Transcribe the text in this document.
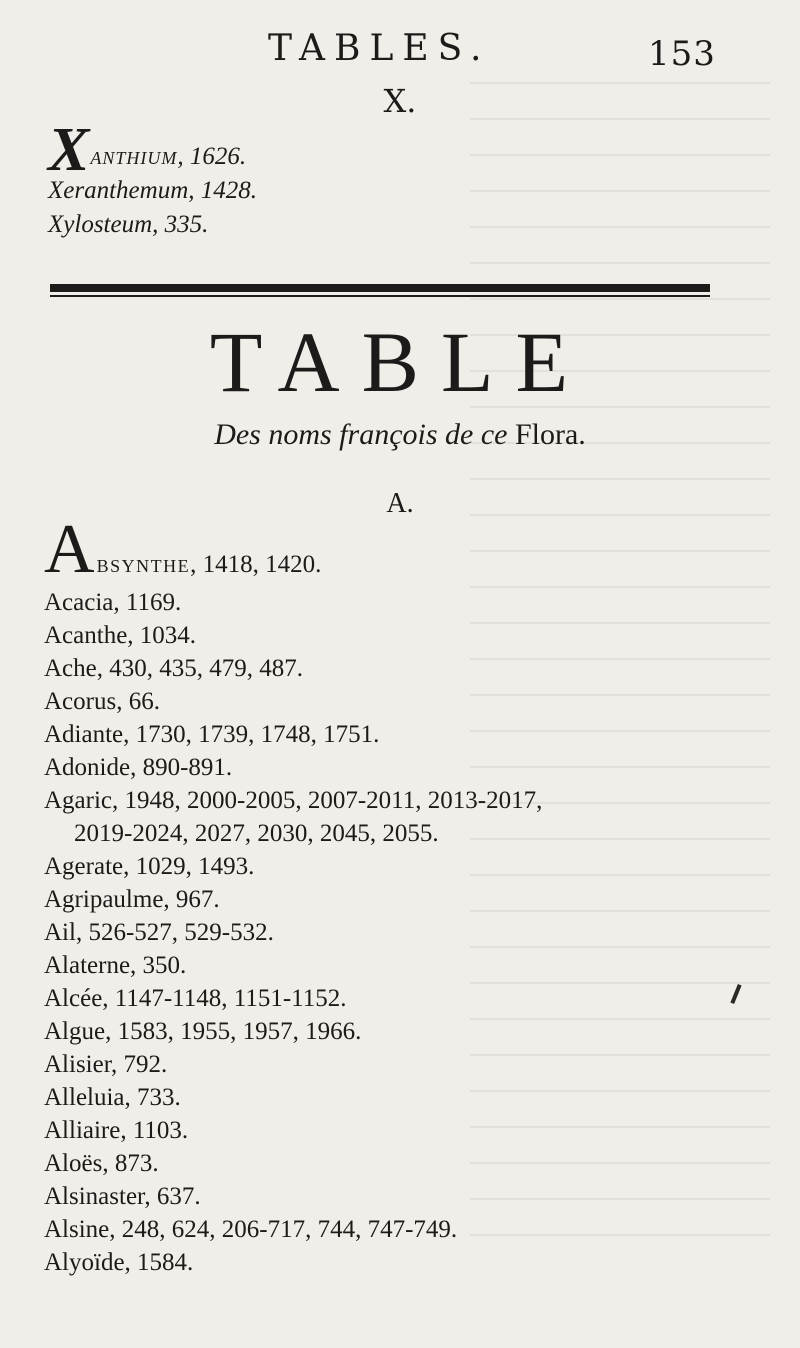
TABLES.	153
X.
Xanthium, 1626.
Xeranthemum, 1428.
Xylosteum, 335.
TABLE
Des noms françois de ce Flora.
A.
Absynthe, 1418, 1420.
Acacia, 1169.
Acanthe, 1034.
Ache, 430, 435, 479, 487.
Acorus, 66.
Adiante, 1730, 1739, 1748, 1751.
Adonide, 890-891.
Agaric, 1948, 2000-2005, 2007-2011, 2013-2017,
2019-2024, 2027, 2030, 2045, 2055.
Agerate, 1029, 1493.
Agripaulme, 967.
Ail, 526-527, 529-532.
Alaterne, 350.
Alcée, 1147-1148, 1151-1152.
Algue, 1583, 1955, 1957, 1966.
Alisier, 792.
Alleluia, 733.
Alliaire, 1103.
Aloës, 873.
Alsinaster, 637.
Alsine, 248, 624, 206-717, 744, 747-749.
Alyoïde, 1584.
